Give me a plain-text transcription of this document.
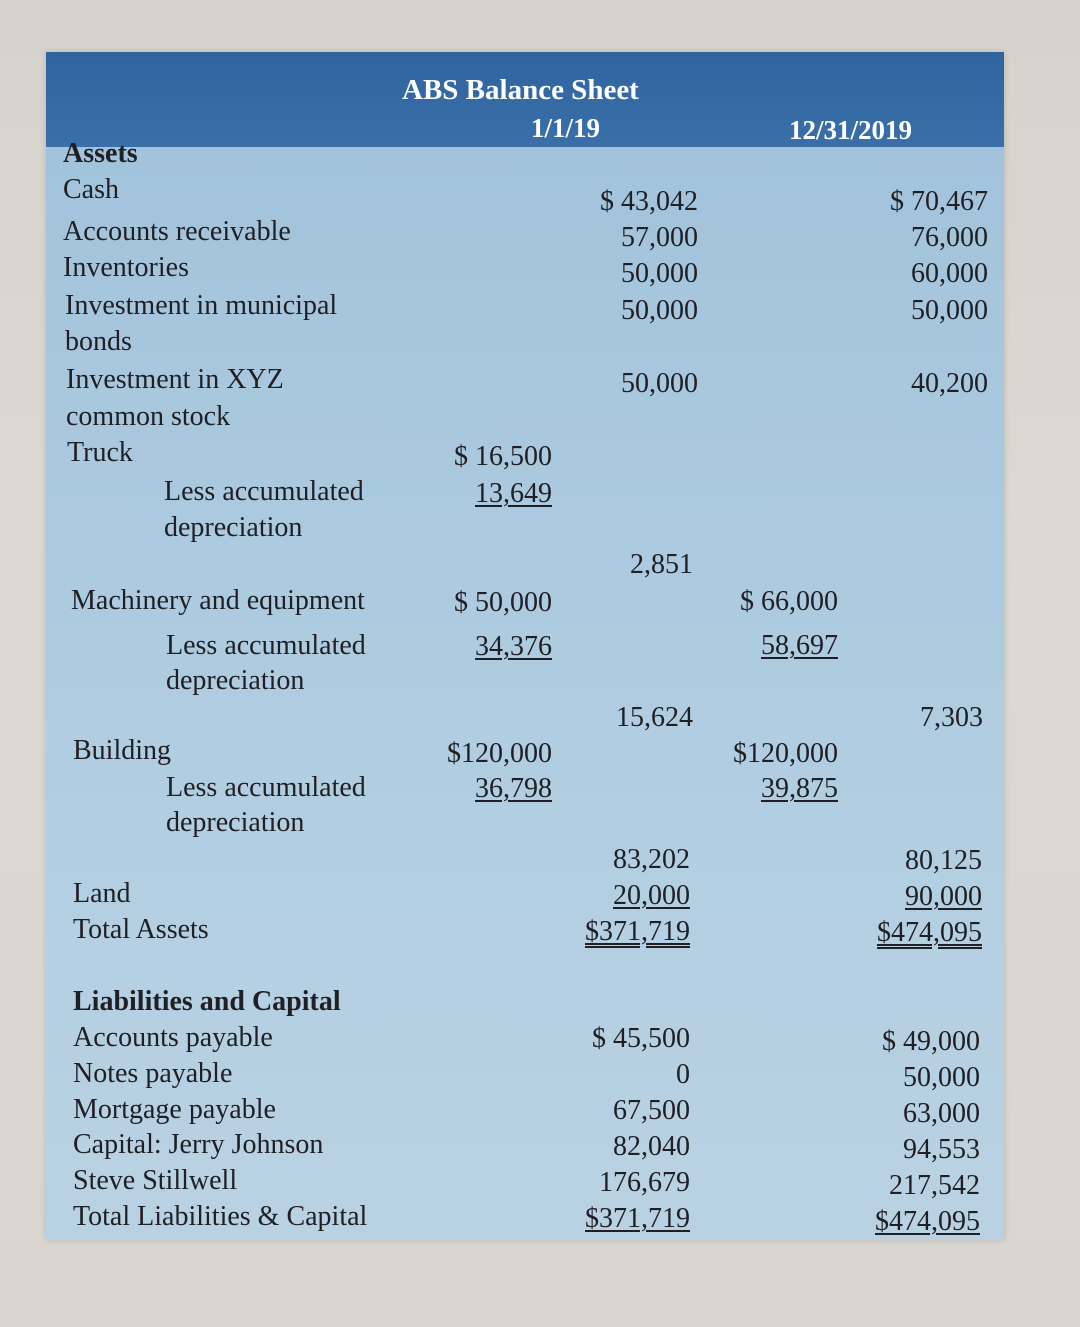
ABS Balance Sheet
1/1/19	12/31/2019
Assets
Cash	$ 43,042	$ 70,467
Accounts receivable	57,000	76,000
Inventories	50,000	60,000
Investment in municipal
bonds
50,000	50,000
Investment in XYZ
common stock
50,000	40,200
Truck	$ 16,500
Less accumulated
depreciation
13,649
2,851
Machinery and equipment	$ 50,000	$ 66,000
Less accumulated
depreciation
34,376	58,697
15,624	7,303
Building	$120,000	$120,000
Less accumulated
depreciation
36,798	39,875
83,202	80,125
Land	20,000	90,000
Total Assets	$371,719	$474,095
Liabilities and Capital
Accounts payable	$ 45,500	$ 49,000
Notes payable	0	50,000
Mortgage payable	67,500	63,000
Capital: Jerry Johnson	82,040	94,553
Steve Stillwell	176,679	217,542
Total Liabilities & Capital	$371,719	$474,095
